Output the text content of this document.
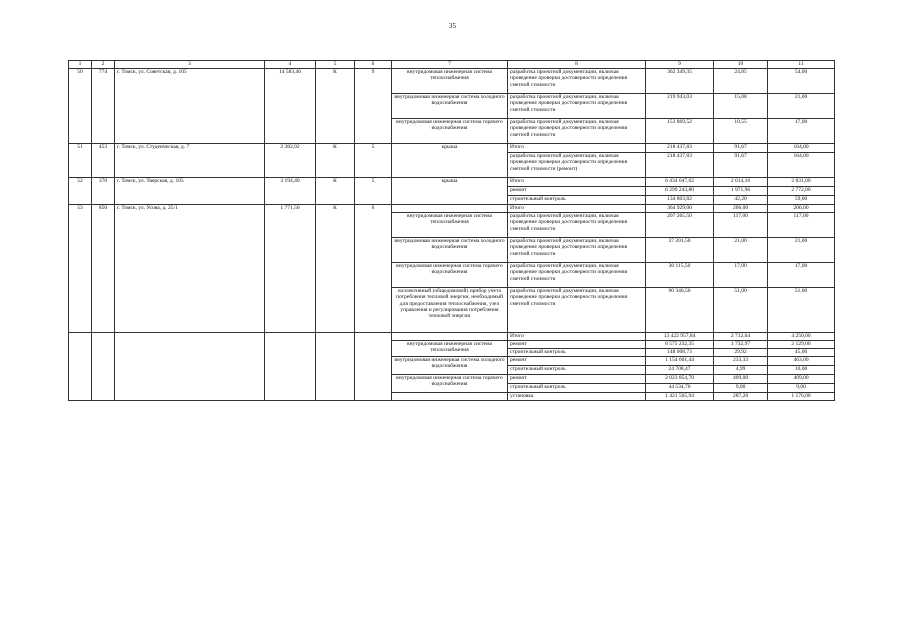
35
1	2	3	4	5	6	7	8	9	10	11
50	774	г. Томск, ул. Советская, д. 105	14 583,46	К	9	внутридомовая инженерная система теплоснабжения	разработка проектной документации, включая проведение проверки достоверности определения сметной стоимости	362 349,35	24,85	54,00
						внутридомовая инженерная система холодного водоснабжения	разработка проектной документации, включая проведение проверки достоверности определения сметной стоимости	219 943,03	15,08	21,00
						внутридомовая инженерная система горячего водоснабжения	разработка проектной документации, включая проведение проверки достоверности определения сметной стоимости	153 869,52	10,55	17,00
51	453	г. Томск, ул. Студенческая, д. 7	2 382,92	К	5	крыша	Итого	218 437,83	91,67	164,00
							разработка проектной документации, включая проведение проверки достоверности определения сметной стоимости (ремонт)	218 437,83	91,67	164,00
52	370	г. Томск, ул. Тверская, д. 105	3 194,40	К	5	крыша	Итого	6 434 047,62	2 014,16	2 831,00
							ремонт	6 299 243,80	1 971,96	2 772,00
							строительный контроль	134 803,82	42,20	59,00
53	850	г. Томск, ул. Усова, д. 25/1	1 771,50	К	6		Итого	364 929,00	206,00	206,00
						внутридомовая инженерная система теплоснабжения	разработка проектной документации, включая проведение проверки достоверности определения сметной стоимости	207 265,50	117,00	117,00
						внутридомовая инженерная система холодного водоснабжения	разработка проектной документации, включая проведение проверки достоверности определения сметной стоимости	37 201,50	21,00	21,00
						внутридомовая инженерная система горячего водоснабжения	разработка проектной документации, включая проведение проверки достоверности определения сметной стоимости	30 115,50	17,00	17,00
						коллективный (общедомовой) прибор учета потребления тепловой энергии, необходимый для предоставления теплоснабжения, узел управления и регулирования потребления тепловой энергии	разработка проектной документации, включая проведение проверки достоверности определения сметной стоимости	90 346,50	51,00	51,00
							Итого	13 422 957,84	2 712,64	4 250,00
						внутридомовая инженерная система теплоснабжения	ремонт	8 575 232,35	1 732,97	2 129,00
							строительный контроль	148 008,73	29,92	45,00
						внутридомовая инженерная система холодного водоснабжения	ремонт	1 154 601,44	233,33	463,00
							строительный контроль	24 708,47	4,99	10,00
						внутридомовая инженерная система горячего водоснабжения	ремонт	2 023 854,70	409,00	409,00
							строительный контроль	44 534,70	9,00	9,00
							установка	1 421 565,94	287,28	1 176,00
